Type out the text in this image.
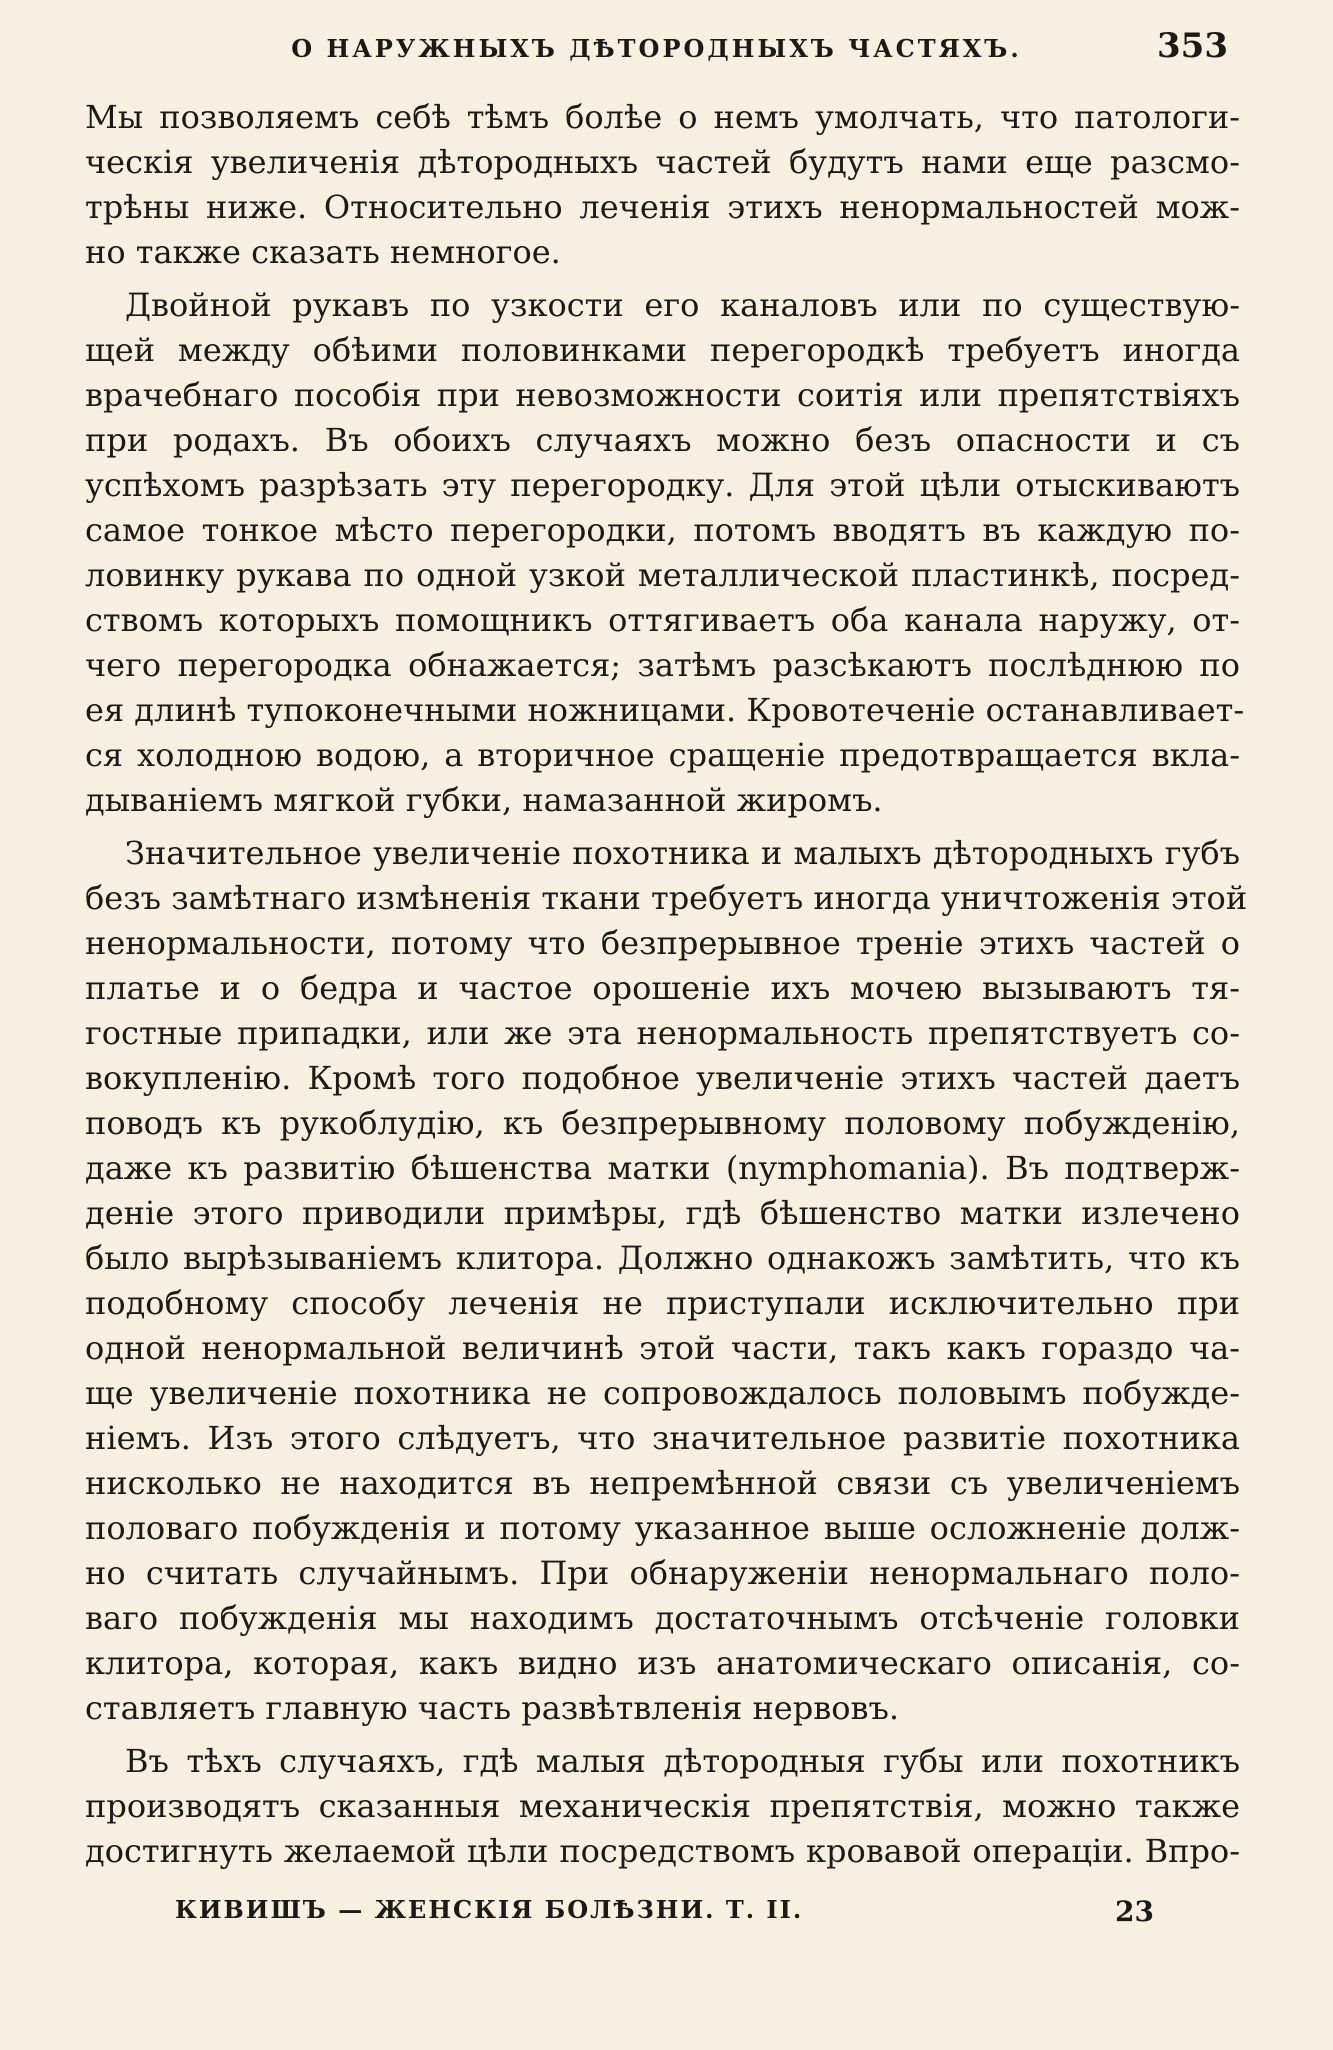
О НАРУЖНЫХЪ ДѢТОРОДНЫХЪ ЧАСТЯХЪ.	353
Мы позволяемъ себѣ тѣмъ болѣе о немъ умолчать, что патологи-
ческія увеличенія дѣтородныхъ частей будутъ нами еще разсмо-
трѣны ниже. Относительно леченія этихъ ненормальностей мож-
но также сказать немногое.
Двойной рукавъ по узкости его каналовъ или по существую-
щей между обѣими половинками перегородкѣ требуетъ иногда
врачебнаго пособія при невозможности соитія или препятствіяхъ
при родахъ. Въ обоихъ случаяхъ можно безъ опасности и съ
успѣхомъ разрѣзать эту перегородку. Для этой цѣли отыскиваютъ
самое тонкое мѣсто перегородки, потомъ вводятъ въ каждую по-
ловинку рукава по одной узкой металлической пластинкѣ, посред-
ствомъ которыхъ помощникъ оттягиваетъ оба канала наружу, от-
чего перегородка обнажается; затѣмъ разсѣкаютъ послѣднюю по
ея длинѣ тупоконечными ножницами. Кровотеченіе останавливает-
ся холодною водою, а вторичное сращеніе предотвращается вкла-
дываніемъ мягкой губки, намазанной жиромъ.
Значительное увеличеніе похотника и малыхъ дѣтородныхъ губъ
безъ замѣтнаго измѣненія ткани требуетъ иногда уничтоженія этой
ненормальности, потому что безпрерывное треніе этихъ частей о
платье и о бедра и частое орошеніе ихъ мочею вызываютъ тя-
гостные припадки, или же эта ненормальность препятствуетъ со-
вокупленію. Кромѣ того подобное увеличеніе этихъ частей даетъ
поводъ къ рукоблудію, къ безпрерывному половому побужденію,
даже къ развитію бѣшенства матки (nymphomania). Въ подтверж-
деніе этого приводили примѣры, гдѣ бѣшенство матки излечено
было вырѣзываніемъ клитора. Должно однакожъ замѣтить, что къ
подобному способу леченія не приступали исключительно при
одной ненормальной величинѣ этой части, такъ какъ гораздо ча-
ще увеличеніе похотника не сопровождалось половымъ побужде-
ніемъ. Изъ этого слѣдуетъ, что значительное развитіе похотника
нисколько не находится въ непремѣнной связи съ увеличеніемъ
половаго побужденія и потому указанное выше осложненіе долж-
но считать случайнымъ. При обнаруженіи ненормальнаго поло-
ваго побужденія мы находимъ достаточнымъ отсѣченіе головки
клитора, которая, какъ видно изъ анатомическаго описанія, со-
ставляетъ главную часть развѣтвленія нервовъ.
Въ тѣхъ случаяхъ, гдѣ малыя дѣтородныя губы или похотникъ
производятъ сказанныя механическія препятствія, можно также
достигнуть желаемой цѣли посредствомъ кровавой операціи. Впро-
КИВИШЪ — ЖЕНСКІЯ БОЛѢЗНИ. Т. II.	23
